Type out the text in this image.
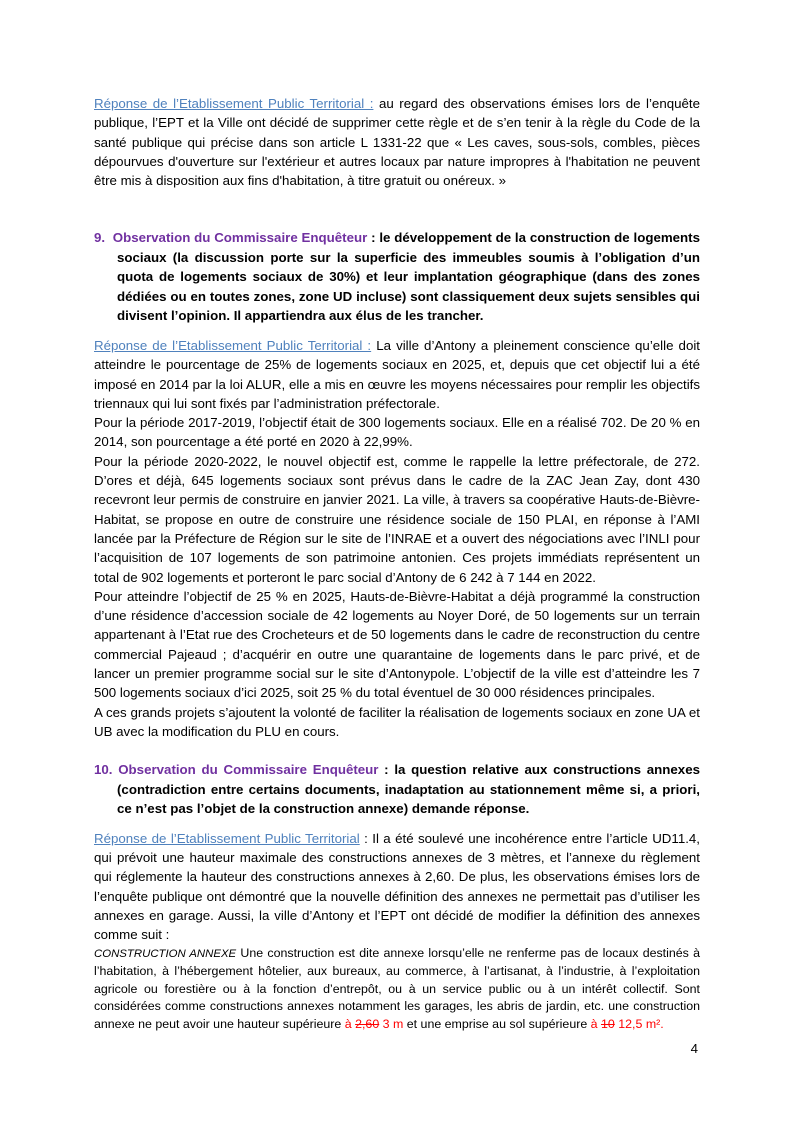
Réponse de l’Etablissement Public Territorial : au regard des observations émises lors de l’enquête publique, l’EPT et la Ville ont décidé de supprimer cette règle et de s’en tenir à la règle du Code de la santé publique qui précise dans son article L 1331-22 que « Les caves, sous-sols, combles, pièces dépourvues d'ouverture sur l'extérieur et autres locaux par nature impropres à l'habitation ne peuvent être mis à disposition aux fins d'habitation, à titre gratuit ou onéreux. »

9. Observation du Commissaire Enquêteur : le développement de la construction de logements sociaux (la discussion porte sur la superficie des immeubles soumis à l’obligation d’un quota de logements sociaux de 30%) et leur implantation géographique (dans des zones dédiées ou en toutes zones, zone UD incluse) sont classiquement deux sujets sensibles qui divisent l’opinion. Il appartiendra aux élus de les trancher.

Réponse de l’Etablissement Public Territorial : La ville d’Antony a pleinement conscience qu’elle doit atteindre le pourcentage de 25% de logements sociaux en 2025, et, depuis que cet objectif lui a été imposé en 2014 par la loi ALUR, elle a mis en œuvre les moyens nécessaires pour remplir les objectifs triennaux qui lui sont fixés par l’administration préfectorale.

Pour la période 2017-2019, l’objectif était de 300 logements sociaux. Elle en a réalisé 702. De 20 % en 2014, son pourcentage a été porté en 2020 à 22,99%.

Pour la période 2020-2022, le nouvel objectif est, comme le rappelle la lettre préfectorale, de 272. D’ores et déjà, 645 logements sociaux sont prévus dans le cadre de la ZAC Jean Zay, dont 430 recevront leur permis de construire en janvier 2021. La ville, à travers sa coopérative Hauts-de-Bièvre-Habitat, se propose en outre de construire une résidence sociale de 150 PLAI, en réponse à l’AMI lancée par la Préfecture de Région sur le site de l’INRAE et a ouvert des négociations avec l’INLI pour l’acquisition de 107 logements de son patrimoine antonien. Ces projets immédiats représentent un total de 902 logements et porteront le parc social d’Antony de 6 242 à 7 144 en 2022.

Pour atteindre l’objectif de 25 % en 2025, Hauts-de-Bièvre-Habitat a déjà programmé la construction d’une résidence d’accession sociale de 42 logements au Noyer Doré, de 50 logements sur un terrain appartenant à l’Etat rue des Crocheteurs et de 50 logements dans le cadre de reconstruction du centre commercial Pajeaud ; d’acquérir en outre une quarantaine de logements dans le parc privé, et de lancer un premier programme social sur le site d’Antonypole. L’objectif de la ville est d’atteindre les 7 500 logements sociaux d’ici 2025, soit 25 % du total éventuel de 30 000 résidences principales.

A ces grands projets s’ajoutent la volonté de faciliter la réalisation de logements sociaux en zone UA et UB avec la modification du PLU en cours.

10. Observation du Commissaire Enquêteur : la question relative aux constructions annexes (contradiction entre certains documents, inadaptation au stationnement même si, a priori, ce n’est pas l’objet de la construction annexe) demande réponse.

Réponse de l’Etablissement Public Territorial : Il a été soulevé une incohérence entre l’article UD11.4, qui prévoit une hauteur maximale des constructions annexes de 3 mètres, et l’annexe du règlement qui réglemente la hauteur des constructions annexes à 2,60. De plus, les observations émises lors de l’enquête publique ont démontré que la nouvelle définition des annexes ne permettait pas d’utiliser les annexes en garage. Aussi, la ville d’Antony et l’EPT ont décidé de modifier la définition des annexes comme suit :

CONSTRUCTION ANNEXE Une construction est dite annexe lorsqu’elle ne renferme pas de locaux destinés à l’habitation, à l’hébergement hôtelier, aux bureaux, au commerce, à l’artisanat, à l’industrie, à l’exploitation agricole ou forestière ou à la fonction d’entrepôt, ou à un service public ou à un intérêt collectif. Sont considérées comme constructions annexes notamment les garages, les abris de jardin, etc. une construction annexe ne peut avoir une hauteur supérieure à 2,60 3 m et une emprise au sol supérieure à 10 12,5 m².

4
